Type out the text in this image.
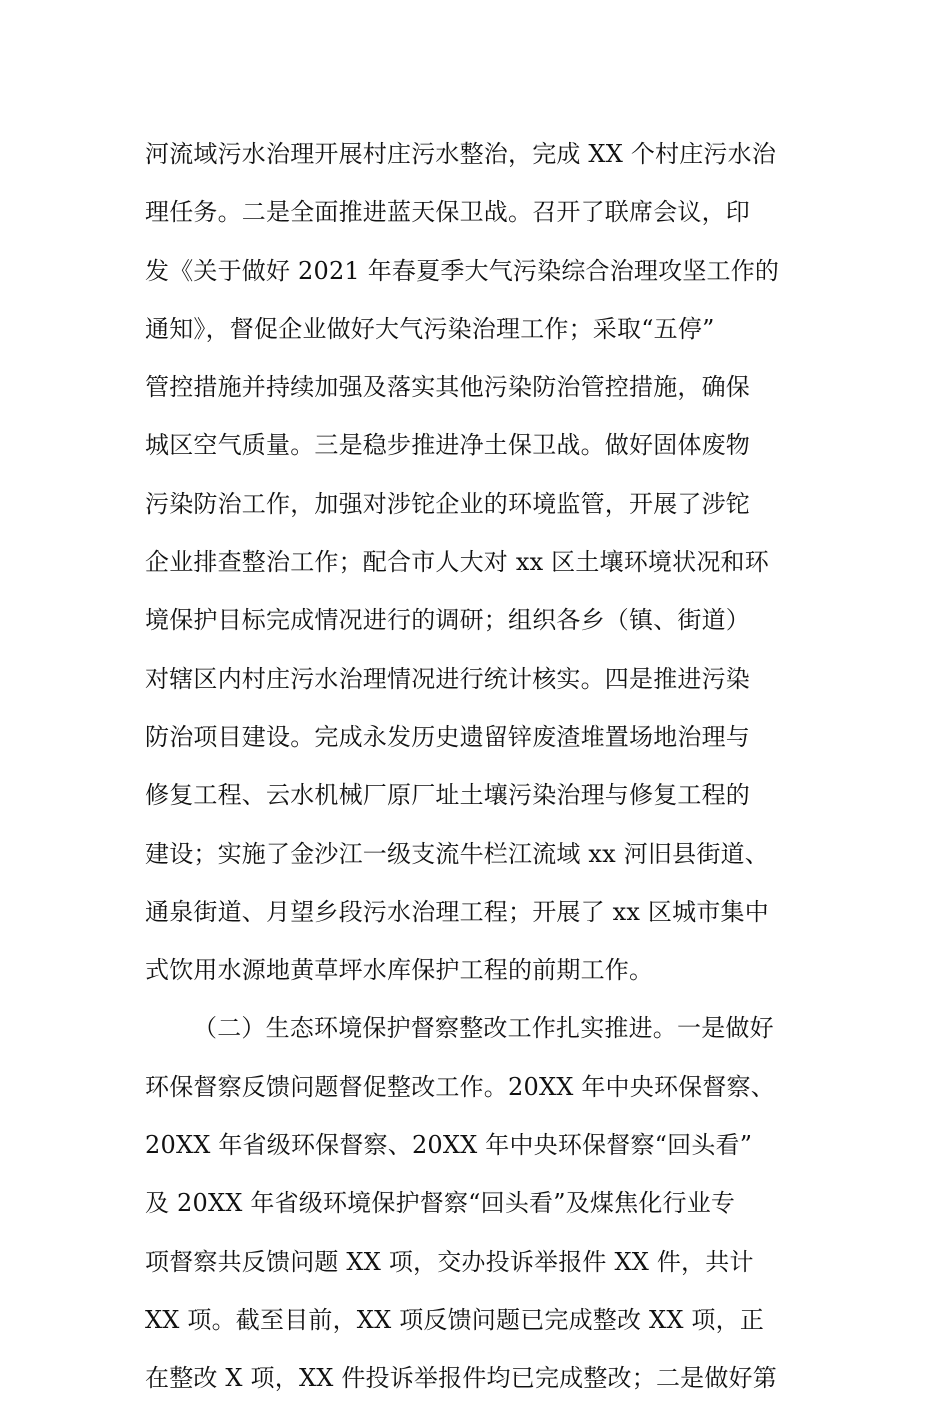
河流域污水治理开展村庄污水整治，完成 XX 个村庄污水治
理任务。二是全面推进蓝天保卫战。召开了联席会议，印
发《关于做好 2021 年春夏季大气污染综合治理攻坚工作的
通知》，督促企业做好大气污染治理工作；采取“五停”
管控措施并持续加强及落实其他污染防治管控措施，确保
城区空气质量。三是稳步推进净土保卫战。做好固体废物
污染防治工作，加强对涉铊企业的环境监管，开展了涉铊
企业排查整治工作；配合市人大对 xx 区土壤环境状况和环
境保护目标完成情况进行的调研；组织各乡（镇、街道）
对辖区内村庄污水治理情况进行统计核实。四是推进污染
防治项目建设。完成永发历史遗留锌废渣堆置场地治理与
修复工程、云水机械厂原厂址土壤污染治理与修复工程的
建设；实施了金沙江一级支流牛栏江流域 xx 河旧县街道、
通泉街道、月望乡段污水治理工程；开展了 xx 区城市集中
式饮用水源地黄草坪水库保护工程的前期工作。
（二）生态环境保护督察整改工作扎实推进。一是做好
环保督察反馈问题督促整改工作。20XX 年中央环保督察、
20XX 年省级环保督察、20XX 年中央环保督察“回头看”
及 20XX 年省级环境保护督察“回头看”及煤焦化行业专
项督察共反馈问题 XX 项，交办投诉举报件 XX 件，共计
XX 项。截至目前，XX 项反馈问题已完成整改 XX 项，正
在整改 X 项，XX 件投诉举报件均已完成整改；二是做好第
